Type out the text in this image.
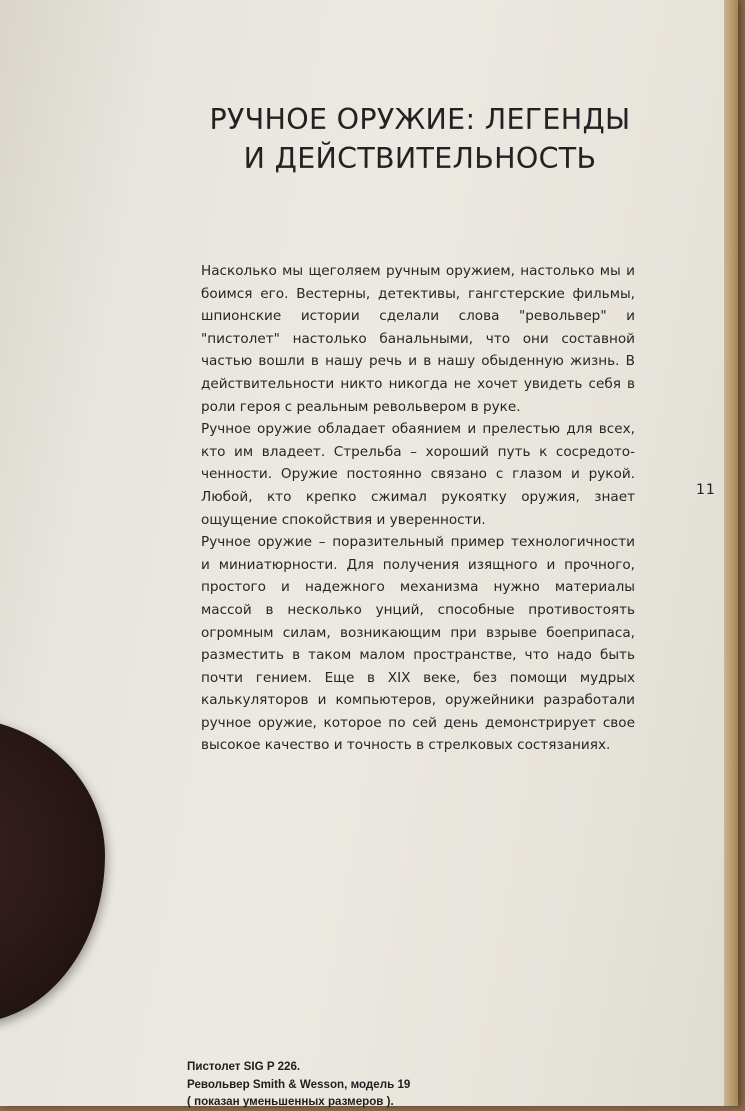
РУЧНОЕ ОРУЖИЕ: ЛЕГЕНДЫ
И ДЕЙСТВИТЕЛЬНОСТЬ

Насколько мы щеголяем ручным оружием, настолько мы и боимся его. Вестерны, детективы, гангстерские фильмы, шпионские истории сделали слова "револьвер" и "пистолет" настолько банальными, что они составной частью вошли в нашу речь и в нашу обыденную жизнь. В действительности никто никогда не хочет увидеть себя в роли героя с реальным револьвером в руке.

Ручное оружие обладает обаянием и прелестью для всех, кто им владеет. Стрельба – хороший путь к сосредото-ченности. Оружие постоянно связано с глазом и рукой. Любой, кто крепко сжимал рукоятку оружия, знает ощущение спокойствия и уверенности.

Ручное оружие – поразительный пример технологичности и миниатюрности. Для получения изящного и прочного, простого и надежного механизма нужно материалы массой в несколько унций, способные противостоять огромным силам, возникающим при взрыве боеприпаса, разместить в таком малом пространстве, что надо быть почти гением. Еще в XIX веке, без помощи мудрых калькуляторов и компьютеров, оружейники разработали ручное оружие, которое по сей день демонстрирует свое высокое качество и точность в стрелковых состязаниях.

11
Пистолет SIG P 226.
Револьвер Smith & Wesson, модель 19
( показан уменьшенных размеров ).
